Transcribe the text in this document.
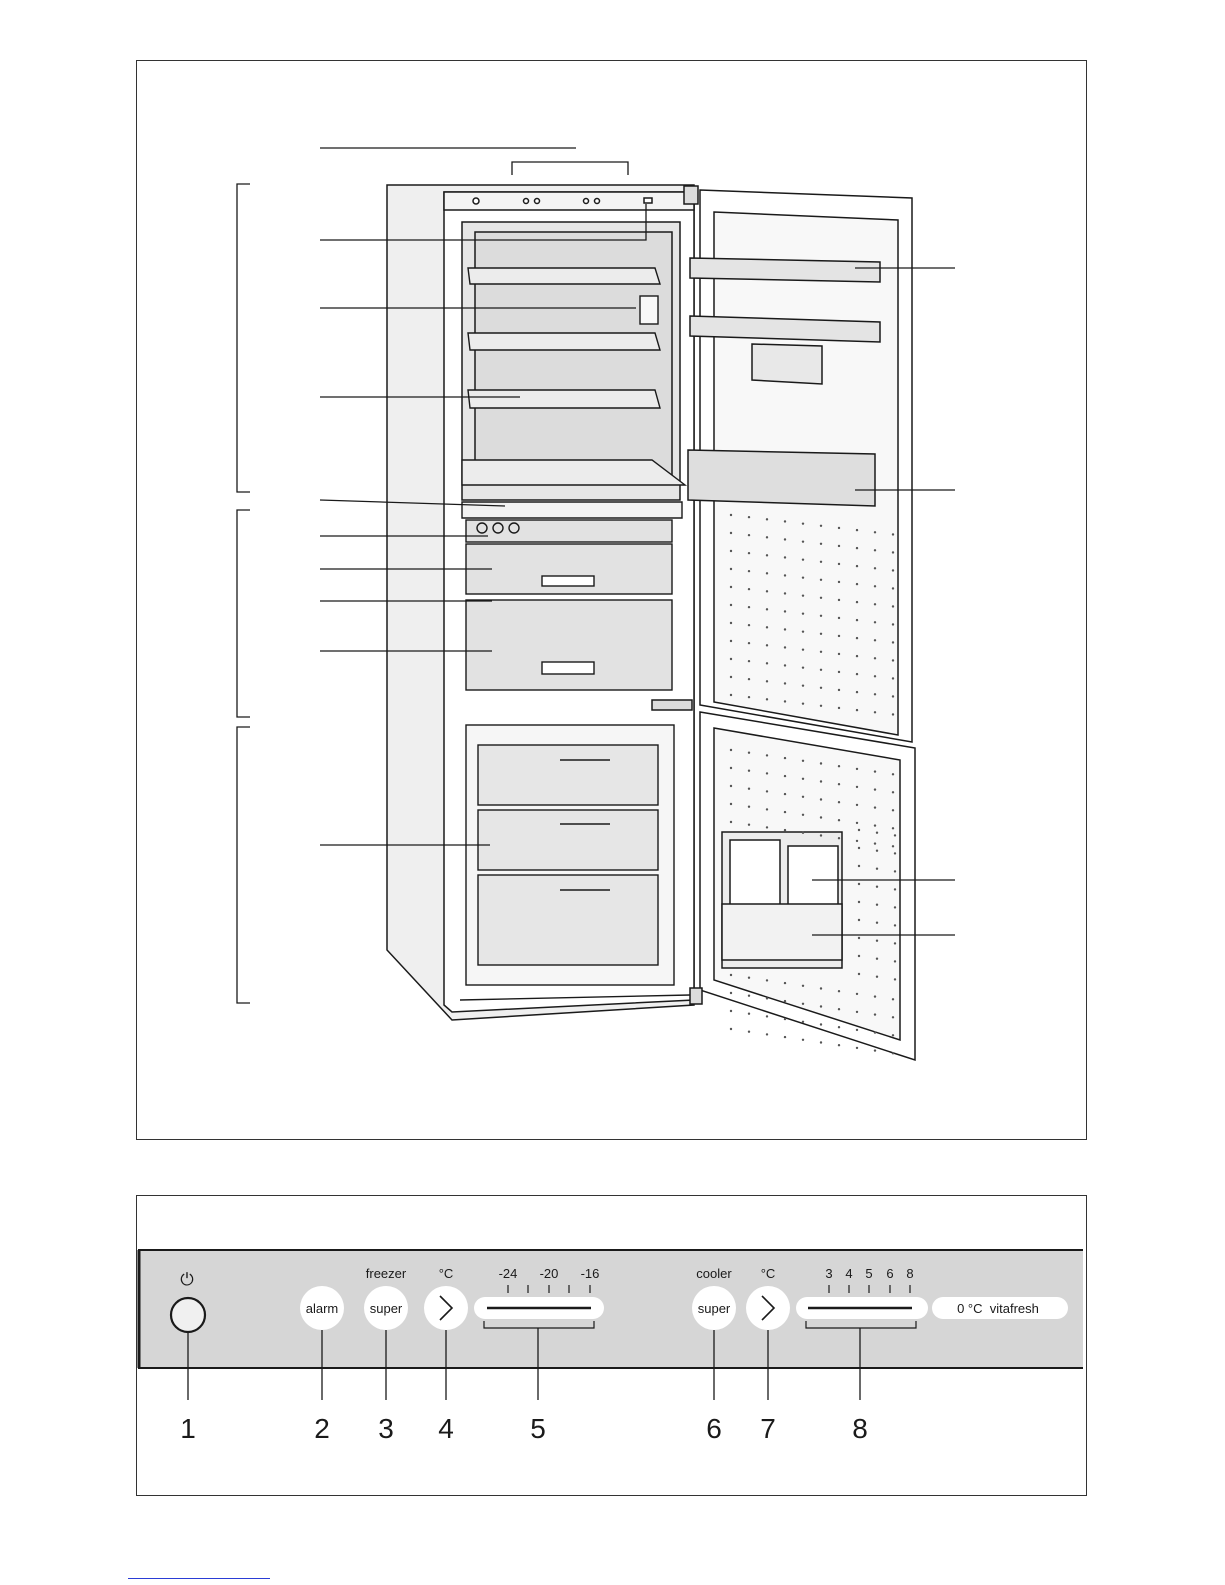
⏻
alarm
freezer
super
°C	-24 -20 -16	cooler
super
°C	3 4 5 6 8
0 °C  vitafresh
1	2 3 4	5	6 7	8
